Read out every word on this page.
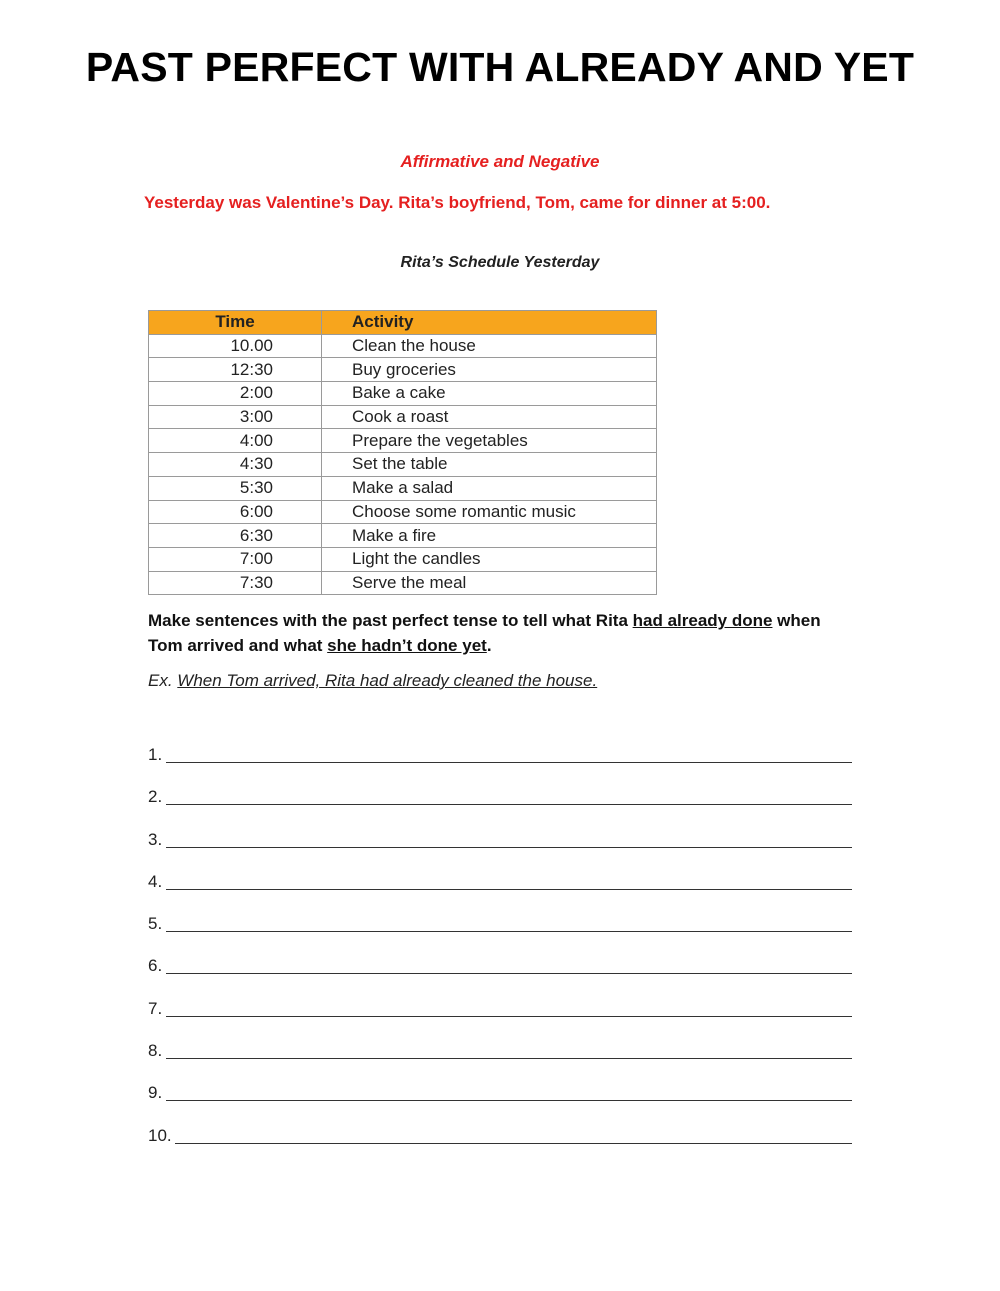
PAST PERFECT WITH ALREADY AND YET
Affirmative and Negative
Yesterday was Valentine’s Day. Rita’s boyfriend, Tom, came for dinner at 5:00.
Rita’s Schedule Yesterday
Time	Activity
10.00	Clean the house
12:30	Buy groceries
2:00	Bake a cake
3:00	Cook a roast
4:00	Prepare the vegetables
4:30	Set the table
5:30	Make a salad
6:00	Choose some romantic music
6:30	Make a fire
7:00	Light the candles
7:30	Serve the meal
Make sentences with the past perfect tense to tell what Rita had already done when Tom arrived and what she hadn’t done yet.
Ex. When Tom arrived, Rita had already cleaned the house.
1.
2.
3.
4.
5.
6.
7.
8.
9.
10.
